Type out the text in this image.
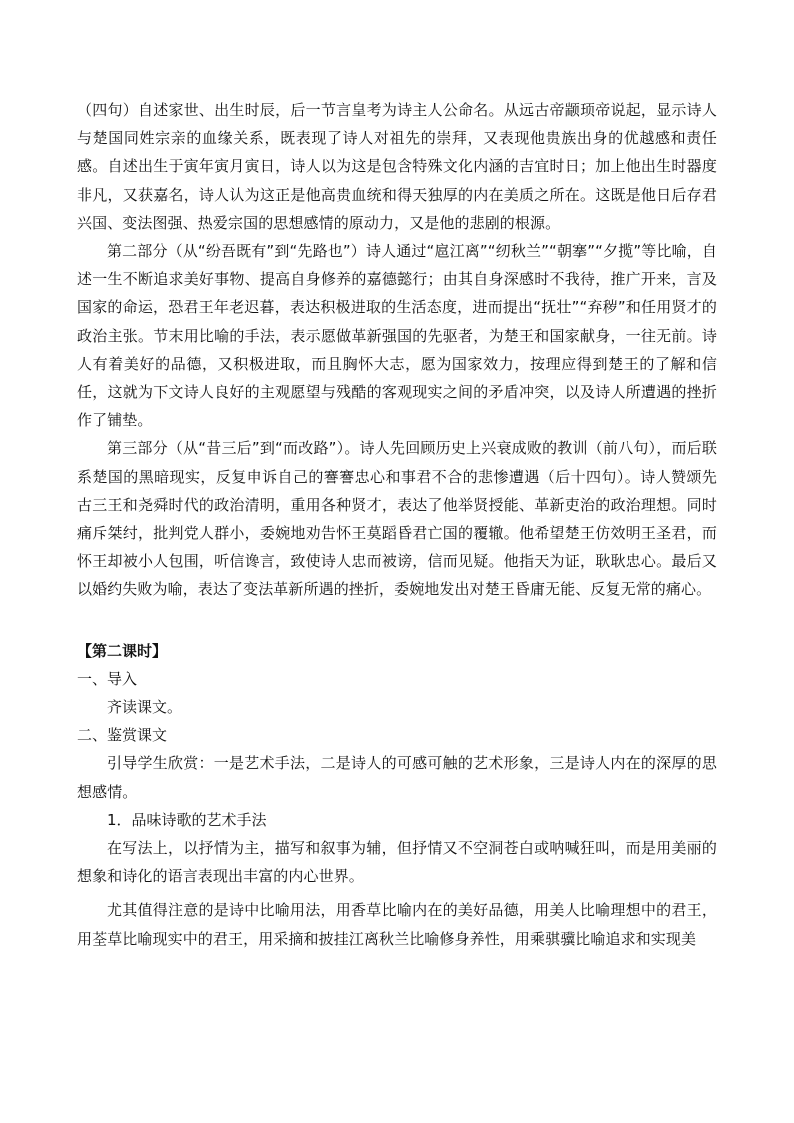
（四句）自述家世、出生时辰，后一节言皇考为诗主人公命名。从远古帝颛顼帝说起，显示诗人与楚国同姓宗亲的血缘关系，既表现了诗人对祖先的崇拜，又表现他贵族出身的优越感和责任感。自述出生于寅年寅月寅日，诗人以为这是包含特殊文化内涵的吉宜时日；加上他出生时器度非凡，又获嘉名，诗人认为这正是他高贵血统和得天独厚的内在美质之所在。这既是他日后存君兴国、变法图强、热爱宗国的思想感情的原动力，又是他的悲剧的根源。

第二部分（从“纷吾既有”到“先路也”）诗人通过“扈江离”“纫秋兰”“朝搴”“夕揽”等比喻，自述一生不断追求美好事物、提高自身修养的嘉德懿行；由其自身深感时不我待，推广开来，言及国家的命运，恐君王年老迟暮，表达积极进取的生活态度，进而提出“抚壮”“弃秽”和任用贤才的政治主张。节末用比喻的手法，表示愿做革新强国的先驱者，为楚王和国家献身，一往无前。诗人有着美好的品德，又积极进取，而且胸怀大志，愿为国家效力，按理应得到楚王的了解和信任，这就为下文诗人良好的主观愿望与残酷的客观现实之间的矛盾冲突，以及诗人所遭遇的挫折作了铺垫。

第三部分（从“昔三后”到“而改路”）。诗人先回顾历史上兴衰成败的教训（前八句），而后联系楚国的黑暗现实，反复申诉自己的謇謇忠心和事君不合的悲惨遭遇（后十四句）。诗人赞颂先古三王和尧舜时代的政治清明，重用各种贤才，表达了他举贤授能、革新吏治的政治理想。同时痛斥桀纣，批判党人群小，委婉地劝告怀王莫蹈昏君亡国的覆辙。他希望楚王仿效明王圣君，而怀王却被小人包围，听信谗言，致使诗人忠而被谤，信而见疑。他指天为证，耿耿忠心。最后又以婚约失败为喻，表达了变法革新所遇的挫折，委婉地发出对楚王昏庸无能、反复无常的痛心。

【第二课时】

一、导入

齐读课文。

二、鉴赏课文

引导学生欣赏：一是艺术手法，二是诗人的可感可触的艺术形象，三是诗人内在的深厚的思想感情。

1．品味诗歌的艺术手法

在写法上，以抒情为主，描写和叙事为辅，但抒情又不空洞苍白或呐喊狂叫，而是用美丽的想象和诗化的语言表现出丰富的内心世界。

尤其值得注意的是诗中比喻用法，用香草比喻内在的美好品德，用美人比喻理想中的君王，用荃草比喻现实中的君王，用采摘和披挂江离秋兰比喻修身养性，用乘骐骥比喻追求和实现美
